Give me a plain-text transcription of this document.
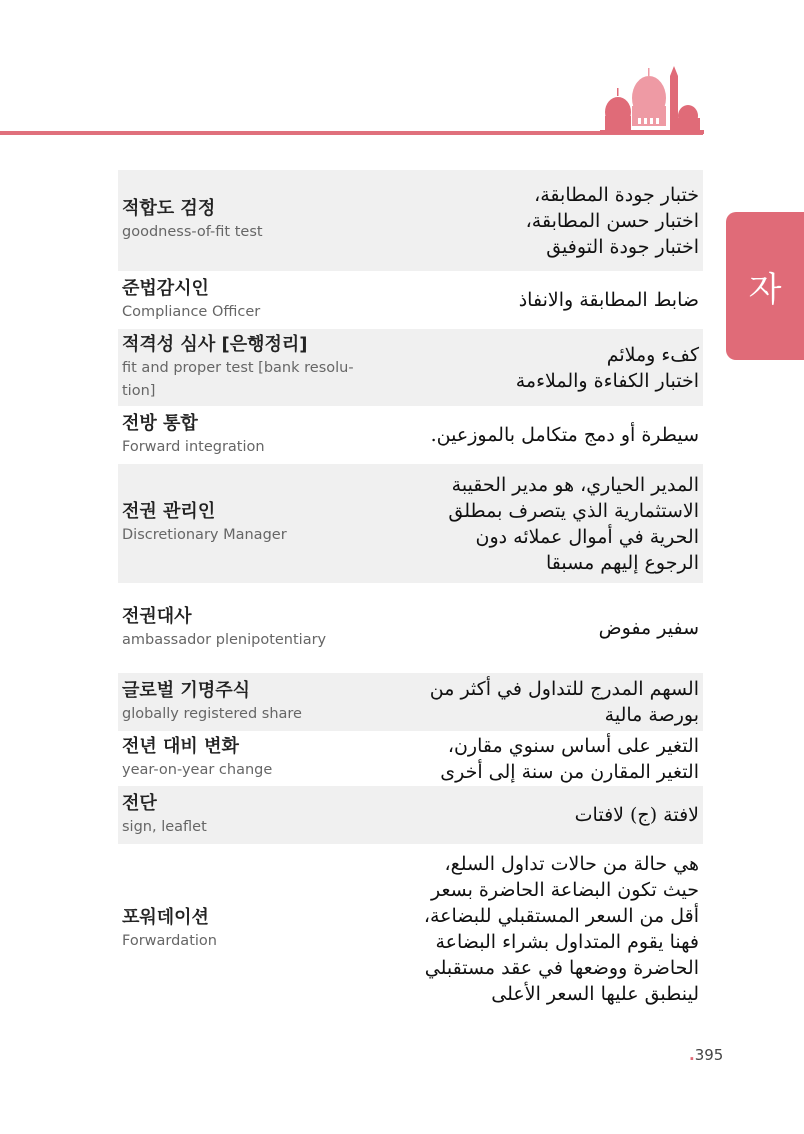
자
적합도 검정
goodness-of-fit test
ختبار جودة المطابقة،
اختبار حسن المطابقة،
اختبار جودة التوفيق
준법감시인
Compliance Officer
ضابط المطابقة والانفاذ
적격성 심사 [은행정리]
fit and proper test [bank resolu-tion]
كفء وملائم
اختبار الكفاءة والملاءمة
전방 통합
Forward integration
سيطرة أو دمج متكامل بالموزعين.
전권 관리인
Discretionary Manager
المدير الحياري، هو مدير الحقيبة
الاستثمارية الذي يتصرف بمطلق
الحرية في أموال عملائه دون
الرجوع إليهم مسبقا
전권대사
ambassador plenipotentiary
سفير مفوض
글로벌 기명주식
globally registered share
السهم المدرج للتداول في أكثر من
بورصة مالية
전년 대비 변화
year-on-year change
التغير على أساس سنوي مقارن،
التغير المقارن من سنة إلى أخرى
전단
sign, leaflet
لافتة (ج) لافتات
포워데이션
Forwardation
هي حالة من حالات تداول السلع،
حيث تكون البضاعة الحاضرة بسعر
أقل من السعر المستقبلي للبضاعة،
فهنا يقوم المتداول بشراء البضاعة
الحاضرة ووضعها في عقد مستقبلي
لينطبق عليها السعر الأعلى
.395
